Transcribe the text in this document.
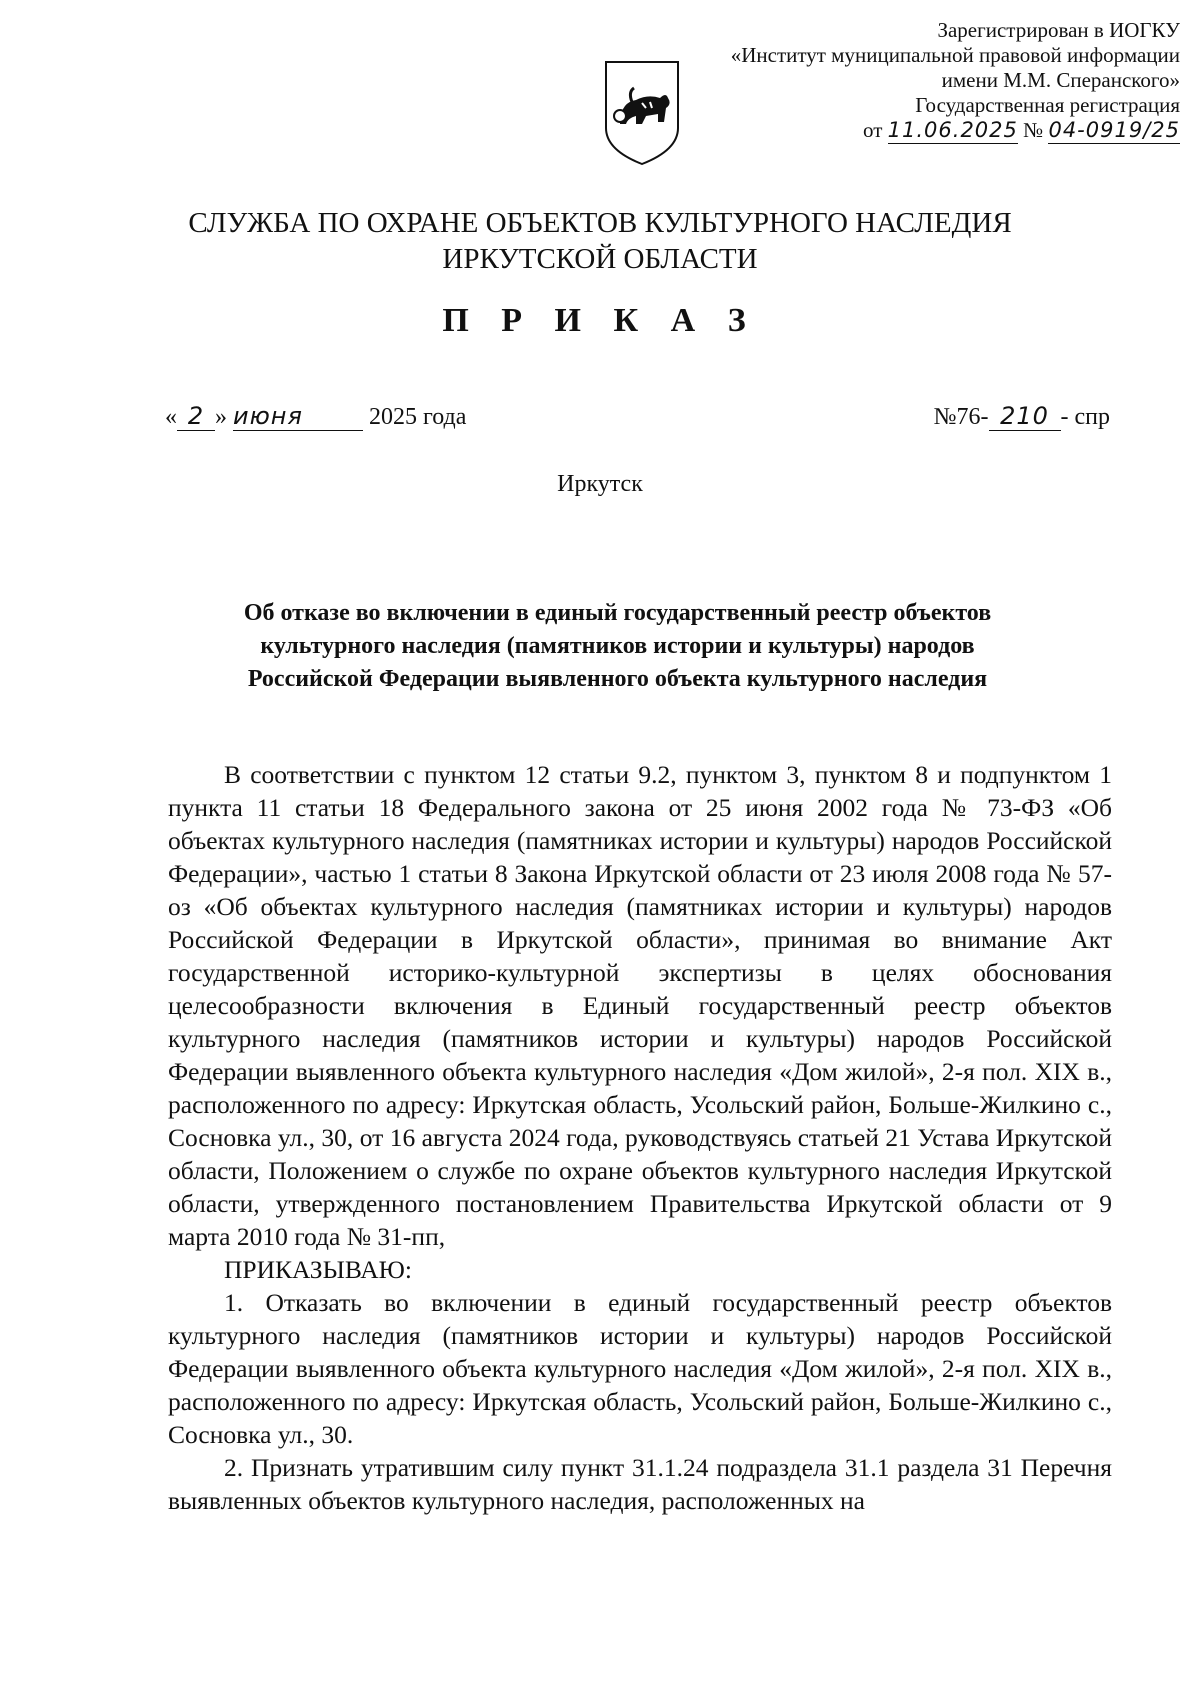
Зарегистрирован в ИОГКУ
«Институт муниципальной правовой информации
имени М.М. Сперанского»
Государственная регистрация
от 11.06.2025 № 04-0919/25
СЛУЖБА ПО ОХРАНЕ ОБЪЕКТОВ КУЛЬТУРНОГО НАСЛЕДИЯ
ИРКУТСКОЙ ОБЛАСТИ
П Р И К А З
« 2 » июня	2025 года	№76- 210 - спр
Иркутск
Об отказе во включении в единый государственный реестр объектов
культурного наследия (памятников истории и культуры) народов
Российской Федерации выявленного объекта культурного наследия

В соответствии с пунктом 12 статьи 9.2, пунктом 3, пунктом 8 и подпунктом 1 пункта 11 статьи 18 Федерального закона от 25 июня 2002 года № 73-ФЗ «Об объектах культурного наследия (памятниках истории и культуры) народов Российской Федерации», частью 1 статьи 8 Закона Иркутской области от 23 июля 2008 года № 57-оз «Об объектах культурного наследия (памятниках истории и культуры) народов Российской Федерации в Иркутской области», принимая во внимание Акт государственной историко-культурной экспертизы в целях обоснования целесообразности включения в Единый государственный реестр объектов культурного наследия (памятников истории и культуры) народов Российской Федерации выявленного объекта культурного наследия «Дом жилой», 2-я пол. XIX в., расположенного по адресу: Иркутская область, Усольский район, Больше-Жилкино с., Сосновка ул., 30, от 16 августа 2024 года, руководствуясь статьей 21 Устава Иркутской области, Положением о службе по охране объектов культурного наследия Иркутской области, утвержденного постановлением Правительства Иркутской области от 9 марта 2010 года № 31-пп,

ПРИКАЗЫВАЮ:

1. Отказать во включении в единый государственный реестр объектов культурного наследия (памятников истории и культуры) народов Российской Федерации выявленного объекта культурного наследия «Дом жилой», 2-я пол. XIX в., расположенного по адресу: Иркутская область, Усольский район, Больше-Жилкино с., Сосновка ул., 30.

2. Признать утратившим силу пункт 31.1.24 подраздела 31.1 раздела 31 Перечня выявленных объектов культурного наследия, расположенных на
